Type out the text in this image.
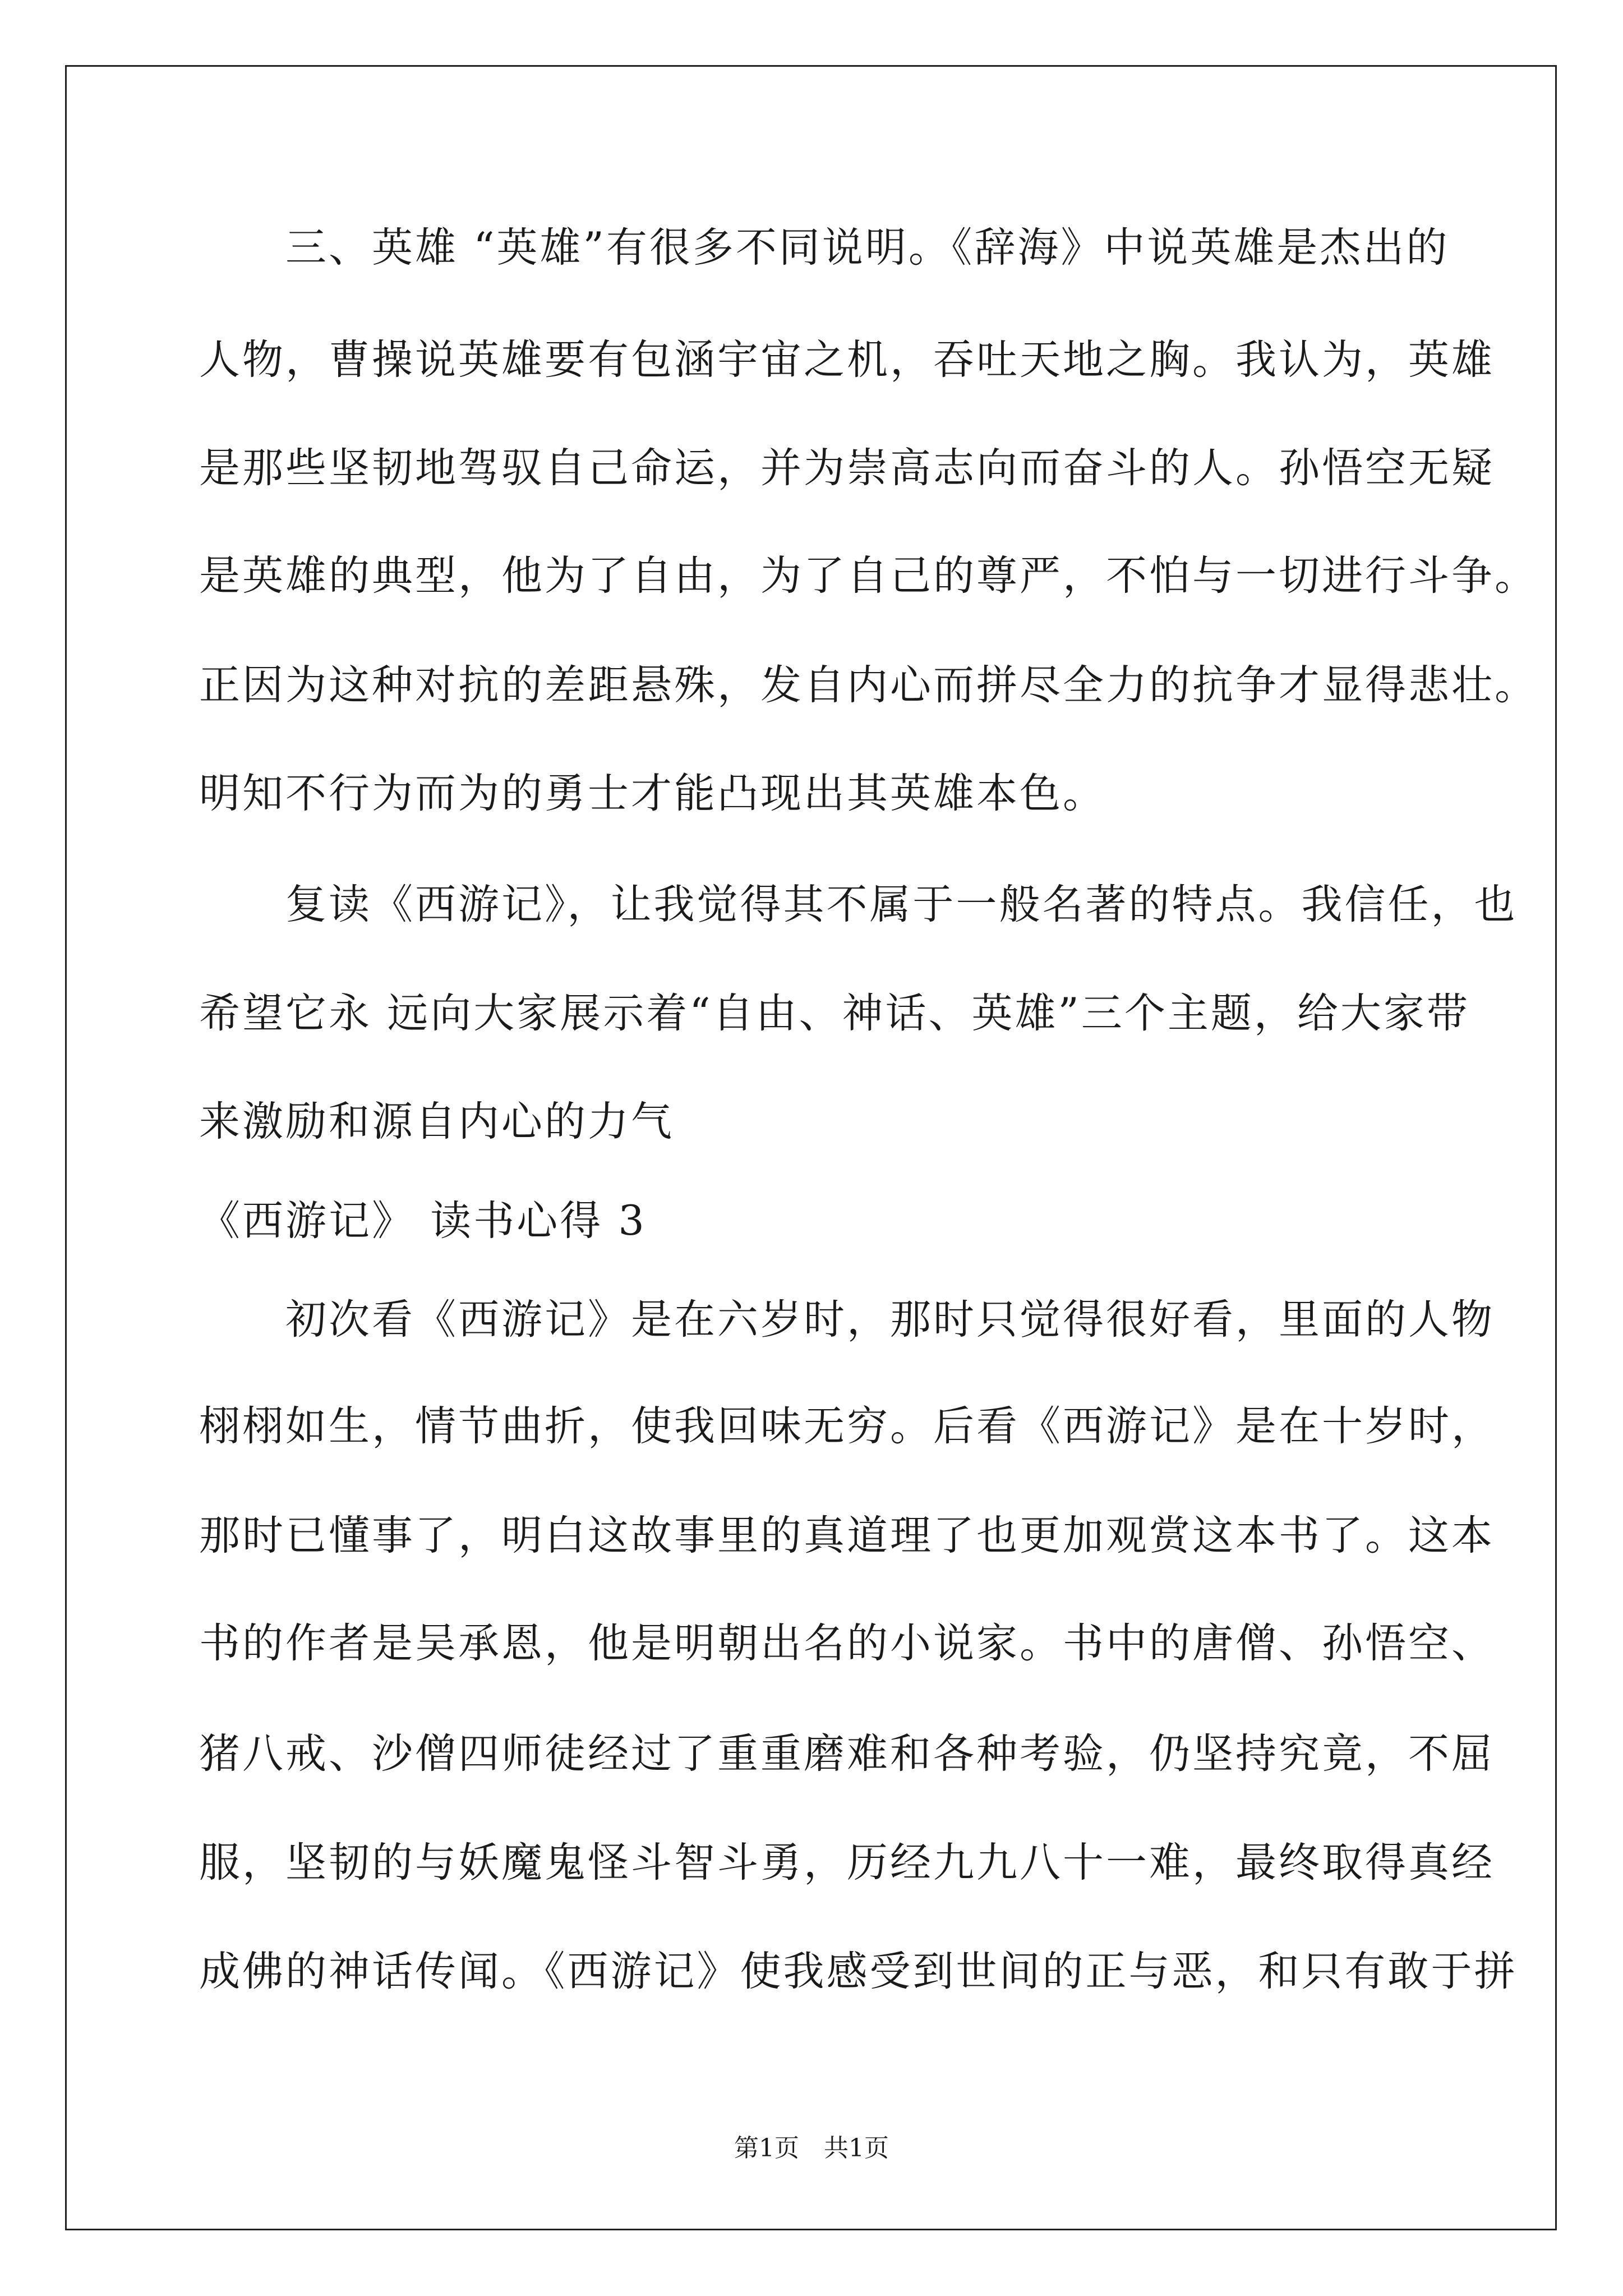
　　三、英雄 “英雄”有很多不同说明。《辞海》中说英雄是杰出的
人物，曹操说英雄要有包涵宇宙之机，吞吐天地之胸。我认为，英雄
是那些坚韧地驾驭自己命运，并为崇高志向而奋斗的人。孙悟空无疑
是英雄的典型，他为了自由，为了自己的尊严，不怕与一切进行斗争。
正因为这种对抗的差距悬殊，发自内心而拼尽全力的抗争才显得悲壮。
明知不行为而为的勇士才能凸现出其英雄本色。
　　复读《西游记》，让我觉得其不属于一般名著的特点。我信任，也
希望它永 远向大家展示着“自由、神话、英雄”三个主题，给大家带
来激励和源自内心的力气
《西游记》 读书心得 3
　　初次看《西游记》是在六岁时，那时只觉得很好看，里面的人物
栩栩如生，情节曲折，使我回味无穷。后看《西游记》是在十岁时，
那时已懂事了，明白这故事里的真道理了也更加观赏这本书了。这本
书的作者是吴承恩，他是明朝出名的小说家。书中的唐僧、孙悟空、
猪八戒、沙僧四师徒经过了重重磨难和各种考验，仍坚持究竟，不屈
服，坚韧的与妖魔鬼怪斗智斗勇，历经九九八十一难，最终取得真经
成佛的神话传闻。《西游记》使我感受到世间的正与恶，和只有敢于拼
第1页　共1页
